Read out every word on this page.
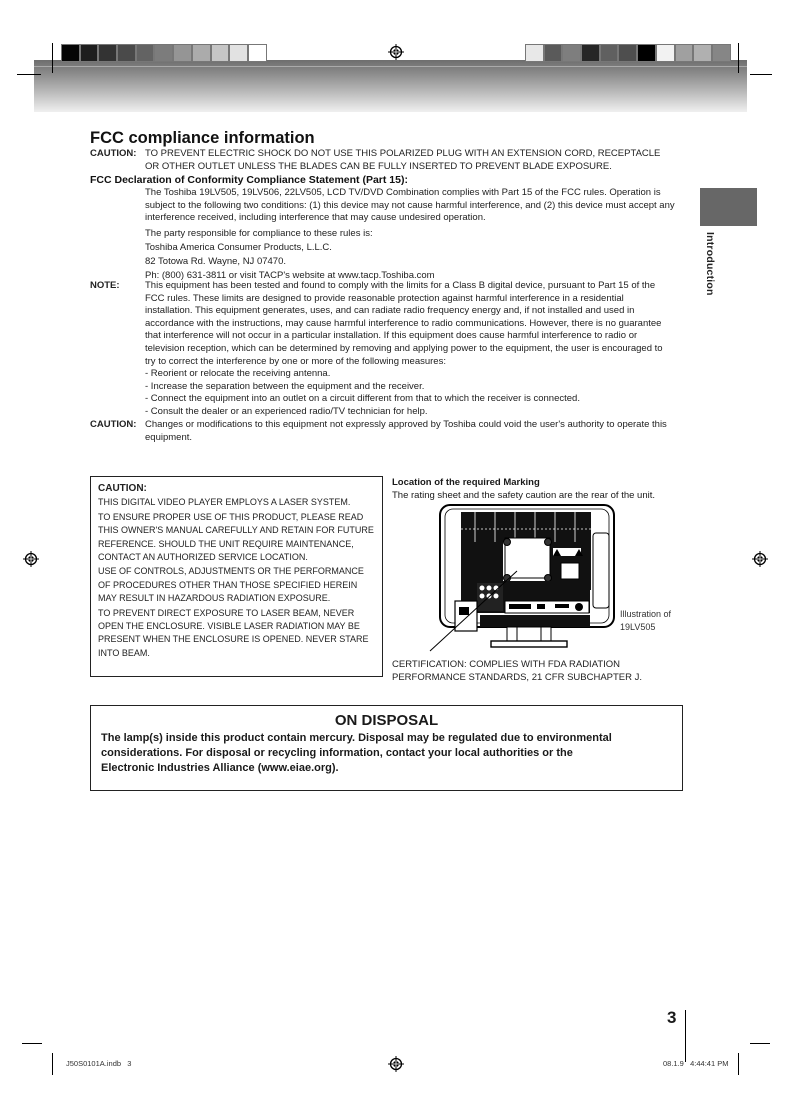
Introduction
FCC compliance information
CAUTION: TO PREVENT ELECTRIC SHOCK DO NOT USE THIS POLARIZED PLUG WITH AN EXTENSION CORD, RECEPTACLE
OR OTHER OUTLET UNLESS THE BLADES CAN BE FULLY INSERTED TO PREVENT BLADE EXPOSURE.
FCC Declaration of Conformity Compliance Statement (Part 15):
The Toshiba 19LV505, 19LV506, 22LV505, LCD TV/DVD Combination complies with Part 15 of the FCC rules. Operation is
subject to the following two conditions: (1) this device may not cause harmful interference, and (2) this device must accept any
interference received, including interference that may cause undesired operation.
The party responsible for compliance to these rules is:
Toshiba America Consumer Products, L.L.C.
82 Totowa Rd. Wayne, NJ 07470.
Ph: (800) 631-3811 or visit TACP's website at www.tacp.Toshiba.com
NOTE:	This equipment has been tested and found to comply with the limits for a Class B digital device, pursuant to Part 15 of the
FCC rules. These limits are designed to provide reasonable protection against harmful interference in a residential
installation. This equipment generates, uses, and can radiate radio frequency energy and, if not installed and used in
accordance with the instructions, may cause harmful interference to radio communications. However, there is no guarantee
that interference will not occur in a particular installation. If this equipment does cause harmful interference to radio or
television reception, which can be determined by removing and applying power to the equipment, the user is encouraged to
try to correct the interference by one or more of the following measures:
- Reorient or relocate the receiving antenna.
- Increase the separation between the equipment and the receiver.
- Connect the equipment into an outlet on a circuit different from that to which the receiver is connected.
- Consult the dealer or an experienced radio/TV technician for help.
CAUTION: Changes or modifications to this equipment not expressly approved by Toshiba could void the user's authority to operate this
equipment.

CAUTION:

THIS DIGITAL VIDEO PLAYER EMPLOYS A LASER SYSTEM.

TO ENSURE PROPER USE OF THIS PRODUCT, PLEASE READ THIS OWNER'S MANUAL CAREFULLY AND RETAIN FOR FUTURE REFERENCE. SHOULD THE UNIT REQUIRE MAINTENANCE, CONTACT AN AUTHORIZED SERVICE LOCATION.

USE OF CONTROLS, ADJUSTMENTS OR THE PERFORMANCE OF PROCEDURES OTHER THAN THOSE SPECIFIED HEREIN MAY RESULT IN HAZARDOUS RADIATION EXPOSURE.

TO PREVENT DIRECT EXPOSURE TO LASER BEAM, NEVER OPEN THE ENCLOSURE. VISIBLE LASER RADIATION MAY BE PRESENT WHEN THE ENCLOSURE IS OPENED. NEVER STARE INTO BEAM.

Location of the required Marking
The rating sheet and the safety caution are the rear of the unit.
Illustration of
19LV505
CERTIFICATION: COMPLIES WITH FDA RADIATION
PERFORMANCE STANDARDS, 21 CFR SUBCHAPTER J.
ON DISPOSAL
The lamp(s) inside this product contain mercury. Disposal may be regulated due to environmental
considerations. For disposal or recycling information, contact your local authorities or the
Electronic Industries Alliance (www.eiae.org).
3
J50S0101A.indb   3	08.1.9   4:44:41 PM
